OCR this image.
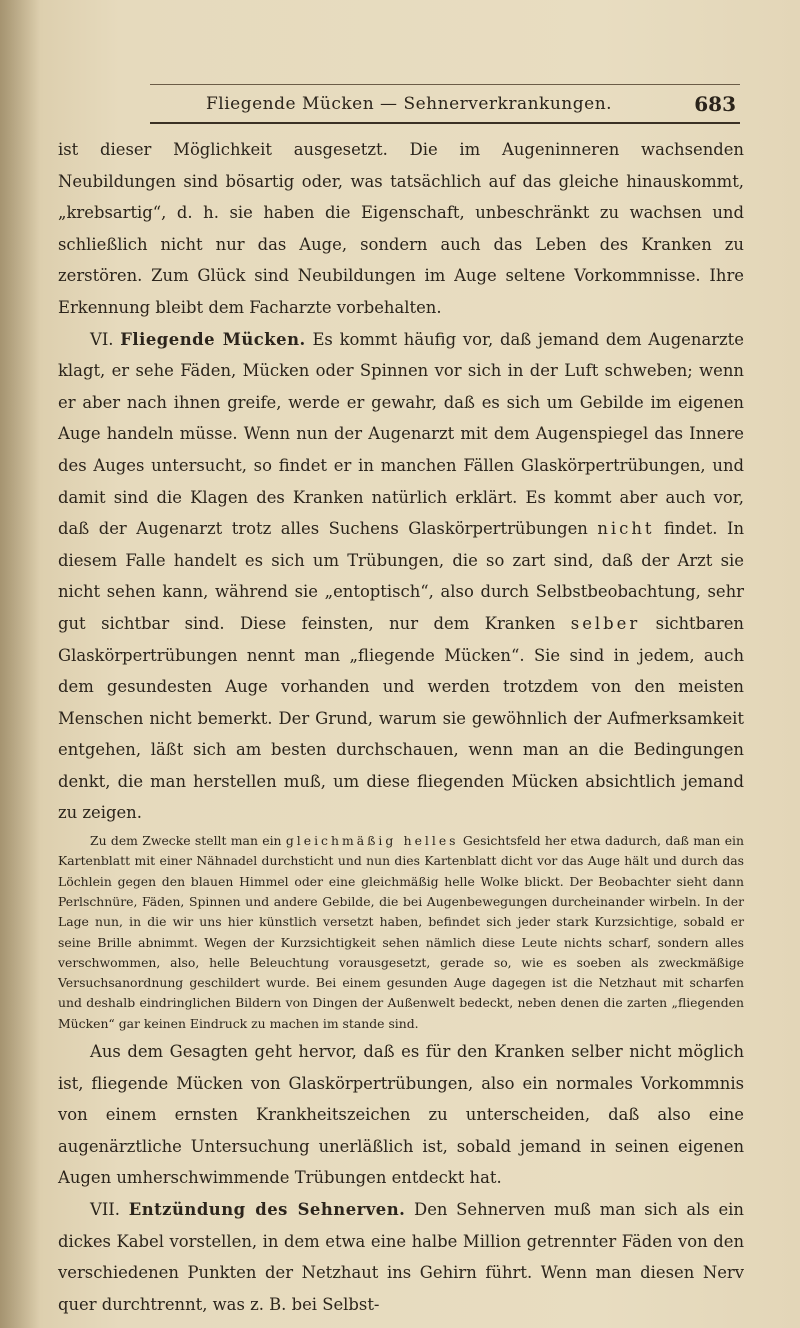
Fliegende Mücken — Sehnerverkrankungen.	683

ist dieser Möglichkeit ausgesetzt. Die im Augeninneren wachsenden Neubildungen sind bösartig oder, was tatsächlich auf das gleiche hinauskommt, „krebsartig“, d. h. sie haben die Eigenschaft, unbeschränkt zu wachsen und schließlich nicht nur das Auge, sondern auch das Leben des Kranken zu zerstören. Zum Glück sind Neubildungen im Auge seltene Vorkommnisse. Ihre Erkennung bleibt dem Facharzte vorbehalten.

VI. Fliegende Mücken. Es kommt häufig vor, daß jemand dem Augenarzte klagt, er sehe Fäden, Mücken oder Spinnen vor sich in der Luft schweben; wenn er aber nach ihnen greife, werde er gewahr, daß es sich um Gebilde im eigenen Auge handeln müsse. Wenn nun der Augenarzt mit dem Augenspiegel das Innere des Auges untersucht, so findet er in manchen Fällen Glaskörpertrübungen, und damit sind die Klagen des Kranken natürlich erklärt. Es kommt aber auch vor, daß der Augenarzt trotz alles Suchens Glaskörpertrübungen nicht findet. In diesem Falle handelt es sich um Trübungen, die so zart sind, daß der Arzt sie nicht sehen kann, während sie „entoptisch“, also durch Selbstbeobachtung, sehr gut sichtbar sind. Diese feinsten, nur dem Kranken selber sichtbaren Glaskörpertrübungen nennt man „fliegende Mücken“. Sie sind in jedem, auch dem gesundesten Auge vorhanden und werden trotzdem von den meisten Menschen nicht bemerkt. Der Grund, warum sie gewöhnlich der Aufmerksamkeit entgehen, läßt sich am besten durchschauen, wenn man an die Bedingungen denkt, die man herstellen muß, um diese fliegenden Mücken absichtlich jemand zu zeigen.

Zu dem Zwecke stellt man ein gleichmäßig helles Gesichtsfeld her etwa dadurch, daß man ein Kartenblatt mit einer Nähnadel durchsticht und nun dies Kartenblatt dicht vor das Auge hält und durch das Löchlein gegen den blauen Himmel oder eine gleichmäßig helle Wolke blickt. Der Beobachter sieht dann Perlschnüre, Fäden, Spinnen und andere Gebilde, die bei Augenbewegungen durcheinander wirbeln. In der Lage nun, in die wir uns hier künstlich versetzt haben, befindet sich jeder stark Kurzsichtige, sobald er seine Brille abnimmt. Wegen der Kurzsichtigkeit sehen nämlich diese Leute nichts scharf, sondern alles verschwommen, also, helle Beleuchtung vorausgesetzt, gerade so, wie es soeben als zweckmäßige Versuchsanordnung geschildert wurde. Bei einem gesunden Auge dagegen ist die Netzhaut mit scharfen und deshalb eindringlichen Bildern von Dingen der Außenwelt bedeckt, neben denen die zarten „fliegenden Mücken“ gar keinen Eindruck zu machen im stande sind.

Aus dem Gesagten geht hervor, daß es für den Kranken selber nicht möglich ist, fliegende Mücken von Glaskörpertrübungen, also ein normales Vorkommnis von einem ernsten Krankheitszeichen zu unterscheiden, daß also eine augenärztliche Untersuchung unerläßlich ist, sobald jemand in seinen eigenen Augen umherschwimmende Trübungen entdeckt hat.

VII. Entzündung des Sehnerven. Den Sehnerven muß man sich als ein dickes Kabel vorstellen, in dem etwa eine halbe Million getrennter Fäden von den verschiedenen Punkten der Netzhaut ins Gehirn führt. Wenn man diesen Nerv quer durchtrennt, was z. B. bei Selbst-
